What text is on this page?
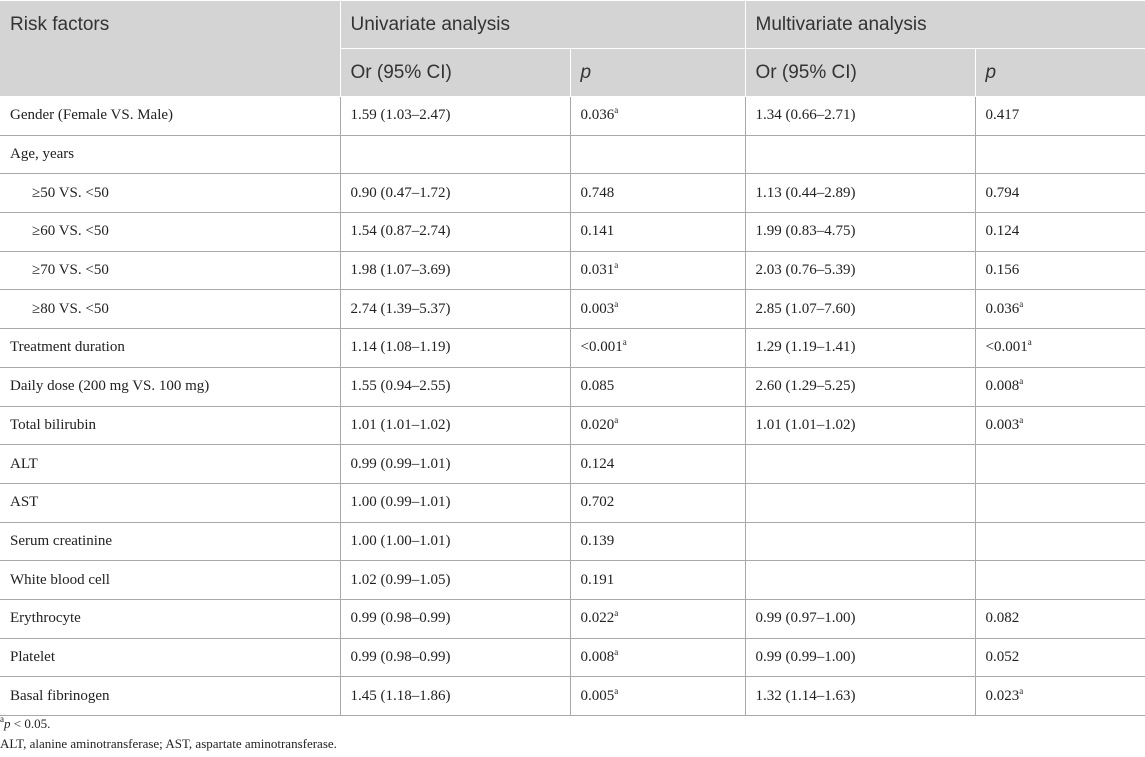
Risk factors	Univariate analysis		Multivariate analysis	
	Or (95% CI)	p	Or (95% CI)	p
Gender (Female VS. Male)	1.59 (1.03–2.47)	0.036$^a$	1.34 (0.66–2.71)	0.417
Age, years				
≥50 VS. <50	0.90 (0.47–1.72)	0.748	1.13 (0.44–2.89)	0.794
≥60 VS. <50	1.54 (0.87–2.74)	0.141	1.99 (0.83–4.75)	0.124
≥70 VS. <50	1.98 (1.07–3.69)	0.031$^a$	2.03 (0.76–5.39)	0.156
≥80 VS. <50	2.74 (1.39–5.37)	0.003$^a$	2.85 (1.07–7.60)	0.036$^a$
Treatment duration	1.14 (1.08–1.19)	<0.001$^a$	1.29 (1.19–1.41)	<0.001$^a$
Daily dose (200 mg VS. 100 mg)	1.55 (0.94–2.55)	0.085	2.60 (1.29–5.25)	0.008$^a$
Total bilirubin	1.01 (1.01–1.02)	0.020$^a$	1.01 (1.01–1.02)	0.003$^a$
ALT	0.99 (0.99–1.01)	0.124		
AST	1.00 (0.99–1.01)	0.702		
Serum creatinine	1.00 (1.00–1.01)	0.139		
White blood cell	1.02 (0.99–1.05)	0.191		
Erythrocyte	0.99 (0.98–0.99)	0.022$^a$	0.99 (0.97–1.00)	0.082
Platelet	0.99 (0.98–0.99)	0.008$^a$	0.99 (0.99–1.00)	0.052
Basal fibrinogen	1.45 (1.18–1.86)	0.005$^a$	1.32 (1.14–1.63)	0.023$^a$

$^a$p < 0.05.

ALT, alanine aminotransferase; AST, aspartate aminotransferase.
